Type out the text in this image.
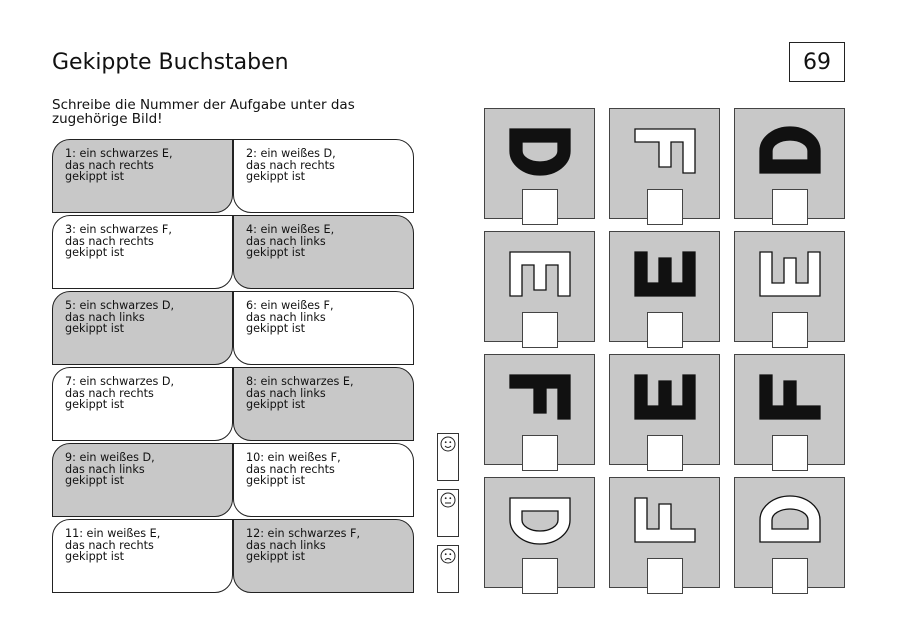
Gekippte Buchstaben	69
Schreibe die Nummer der Aufgabe unter das
zugehörige Bild!
1: ein schwarzes E,
das nach rechts
gekippt ist
2: ein weißes D,
das nach rechts
gekippt ist
3: ein schwarzes F,
das nach rechts
gekippt ist
4: ein weißes E,
das nach links
gekippt ist
5: ein schwarzes D,
das nach links
gekippt ist
6: ein weißes F,
das nach links
gekippt ist
7: ein schwarzes D,
das nach rechts
gekippt ist
8: ein schwarzes E,
das nach links
gekippt ist
9: ein weißes D,
das nach links
gekippt ist
10: ein weißes F,
das nach rechts
gekippt ist
11: ein weißes E,
das nach rechts
gekippt ist
12: ein schwarzes F,
das nach links
gekippt ist
